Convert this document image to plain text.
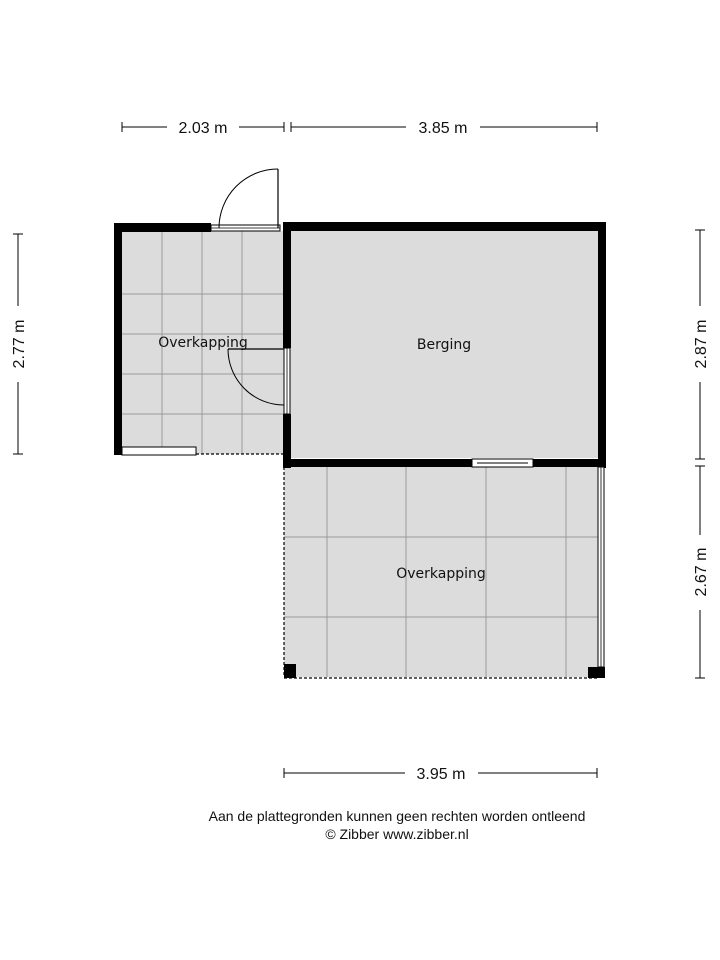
2.03 m	3.85 m
2.77 m	2.87 m
2.67 m
3.95 m
Overkapping	Berging
Overkapping
Aan de plattegronden kunnen geen rechten worden ontleend
© Zibber www.zibber.nl
